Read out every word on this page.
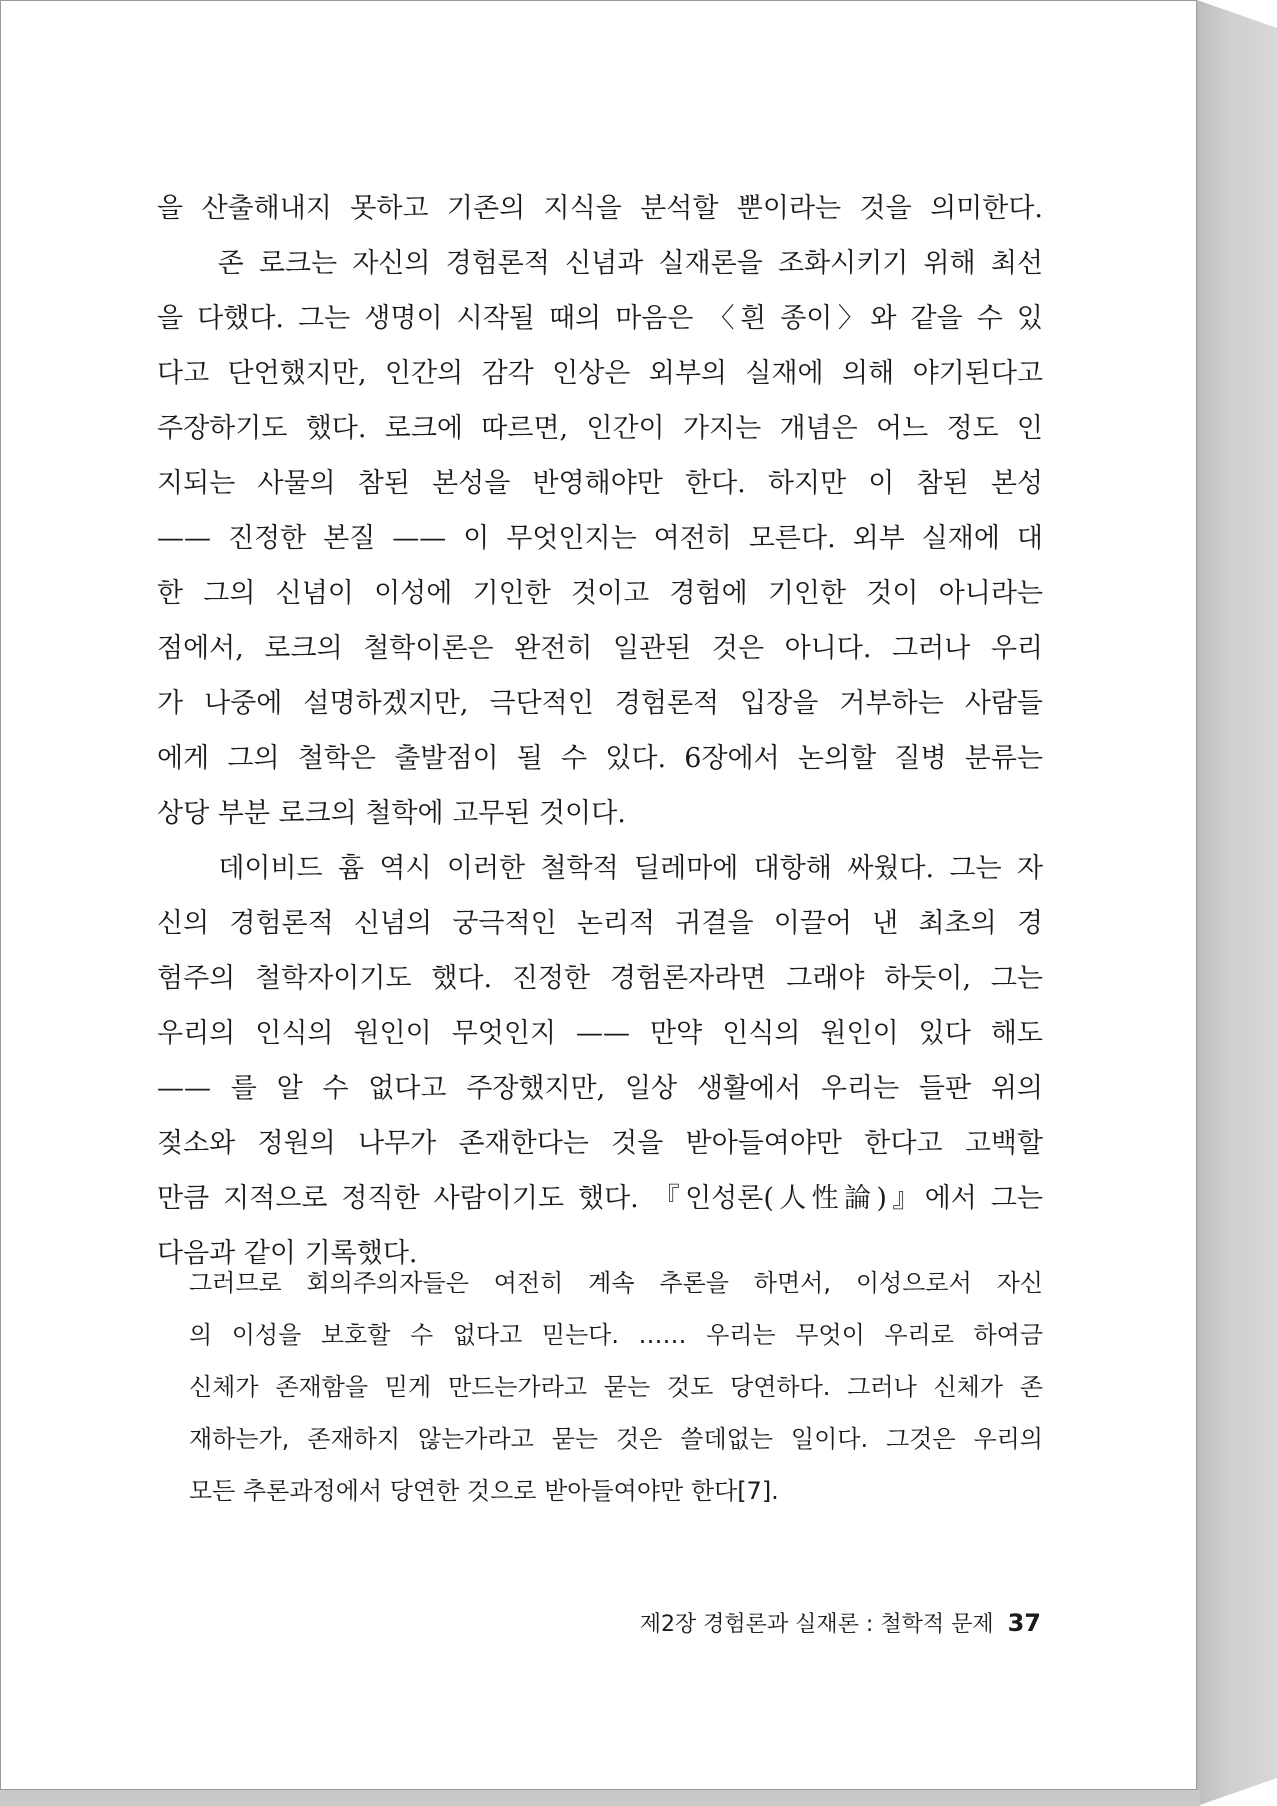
을 산출해내지 못하고 기존의 지식을 분석할 뿐이라는 것을 의미한다.
존 로크는 자신의 경험론적 신념과 실재론을 조화시키기 위해 최선
을 다했다. 그는 생명이 시작될 때의 마음은 〈흰 종이〉와 같을 수 있
다고 단언했지만, 인간의 감각 인상은 외부의 실재에 의해 야기된다고
주장하기도 했다. 로크에 따르면, 인간이 가지는 개념은 어느 정도 인
지되는 사물의 참된 본성을 반영해야만 한다. 하지만 이 참된 본성
—— 진정한 본질 —— 이 무엇인지는 여전히 모른다. 외부 실재에 대
한 그의 신념이 이성에 기인한 것이고 경험에 기인한 것이 아니라는
점에서, 로크의 철학이론은 완전히 일관된 것은 아니다. 그러나 우리
가 나중에 설명하겠지만, 극단적인 경험론적 입장을 거부하는 사람들
에게 그의 철학은 출발점이 될 수 있다. 6장에서 논의할 질병 분류는
상당 부분 로크의 철학에 고무된 것이다.
데이비드 흄 역시 이러한 철학적 딜레마에 대항해 싸웠다. 그는 자
신의 경험론적 신념의 궁극적인 논리적 귀결을 이끌어 낸 최초의 경
험주의 철학자이기도 했다. 진정한 경험론자라면 그래야 하듯이, 그는
우리의 인식의 원인이 무엇인지 —— 만약 인식의 원인이 있다 해도
—— 를 알 수 없다고 주장했지만, 일상 생활에서 우리는 들판 위의
젖소와 정원의 나무가 존재한다는 것을 받아들여야만 한다고 고백할
만큼 지적으로 정직한 사람이기도 했다. 『인성론(人性論)』에서 그는
다음과 같이 기록했다.
그러므로 회의주의자들은 여전히 계속 추론을 하면서, 이성으로서 자신
의 이성을 보호할 수 없다고 믿는다. …… 우리는 무엇이 우리로 하여금
신체가 존재함을 믿게 만드는가라고 묻는 것도 당연하다. 그러나 신체가 존
재하는가, 존재하지 않는가라고 묻는 것은 쓸데없는 일이다. 그것은 우리의
모든 추론과정에서 당연한 것으로 받아들여야만 한다[7].
제2장 경험론과 실재론 : 철학적 문제 37
